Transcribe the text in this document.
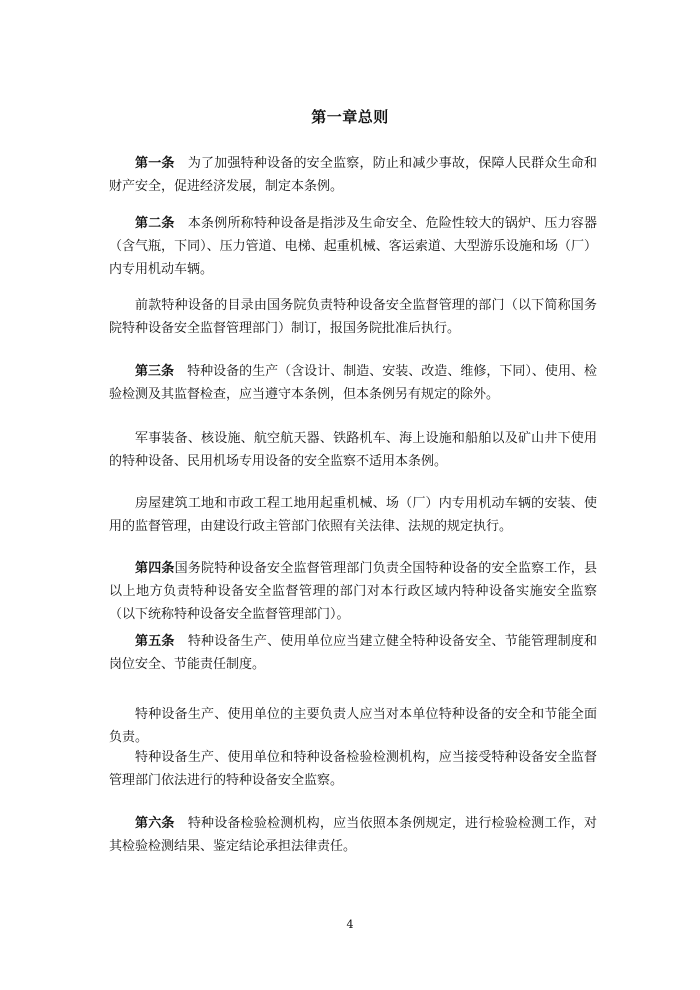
第一章总则

第一条　 为了加强特种设备的安全监察，防止和减少事故，保障人民群众生命和财产安全，促进经济发展，制定本条例。

第二条　 本条例所称特种设备是指涉及生命安全、危险性较大的锅炉、压力容器（含气瓶，下同）、压力管道、电梯、起重机械、客运索道、大型游乐设施和场（厂）内专用机动车辆。

前款特种设备的目录由国务院负责特种设备安全监督管理的部门（以下简称国务院特种设备安全监督管理部门）制订，报国务院批准后执行。

第三条　 特种设备的生产（含设计、制造、安装、改造、维修，下同）、使用、检验检测及其监督检查，应当遵守本条例，但本条例另有规定的除外。

军事装备、核设施、航空航天器、铁路机车、海上设施和船舶以及矿山井下使用的特种设备、民用机场专用设备的安全监察不适用本条例。

房屋建筑工地和市政工程工地用起重机械、场（厂）内专用机动车辆的安装、使用的监督管理，由建设行政主管部门依照有关法律、法规的规定执行。

第四条国务院特种设备安全监督管理部门负责全国特种设备的安全监察工作，县以上地方负责特种设备安全监督管理的部门对本行政区域内特种设备实施安全监察（以下统称特种设备安全监督管理部门）。

第五条　 特种设备生产、使用单位应当建立健全特种设备安全、节能管理制度和岗位安全、节能责任制度。

特种设备生产、使用单位的主要负责人应当对本单位特种设备的安全和节能全面负责。

特种设备生产、使用单位和特种设备检验检测机构，应当接受特种设备安全监督管理部门依法进行的特种设备安全监察。

第六条　 特种设备检验检测机构，应当依照本条例规定，进行检验检测工作，对其检验检测结果、鉴定结论承担法律责任。

4
